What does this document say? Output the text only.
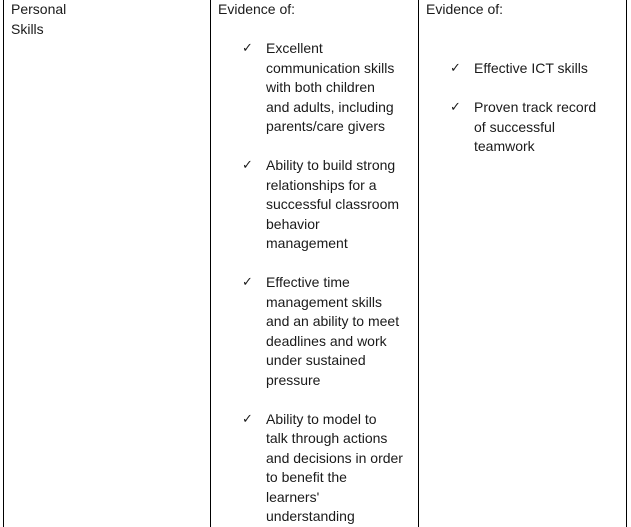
Personal
Skills
Evidence of:
✓ Excellent
communication skills
with both children
and adults, including
parents/care givers
✓ Ability to build strong
relationships for a
successful classroom
behavior
management
✓ Effective time
management skills
and an ability to meet
deadlines and work
under sustained
pressure
✓ Ability to model to
talk through actions
and decisions in order
to benefit the
learners'
understanding
Evidence of:
✓ Effective ICT skills
✓ Proven track record
of successful
teamwork
